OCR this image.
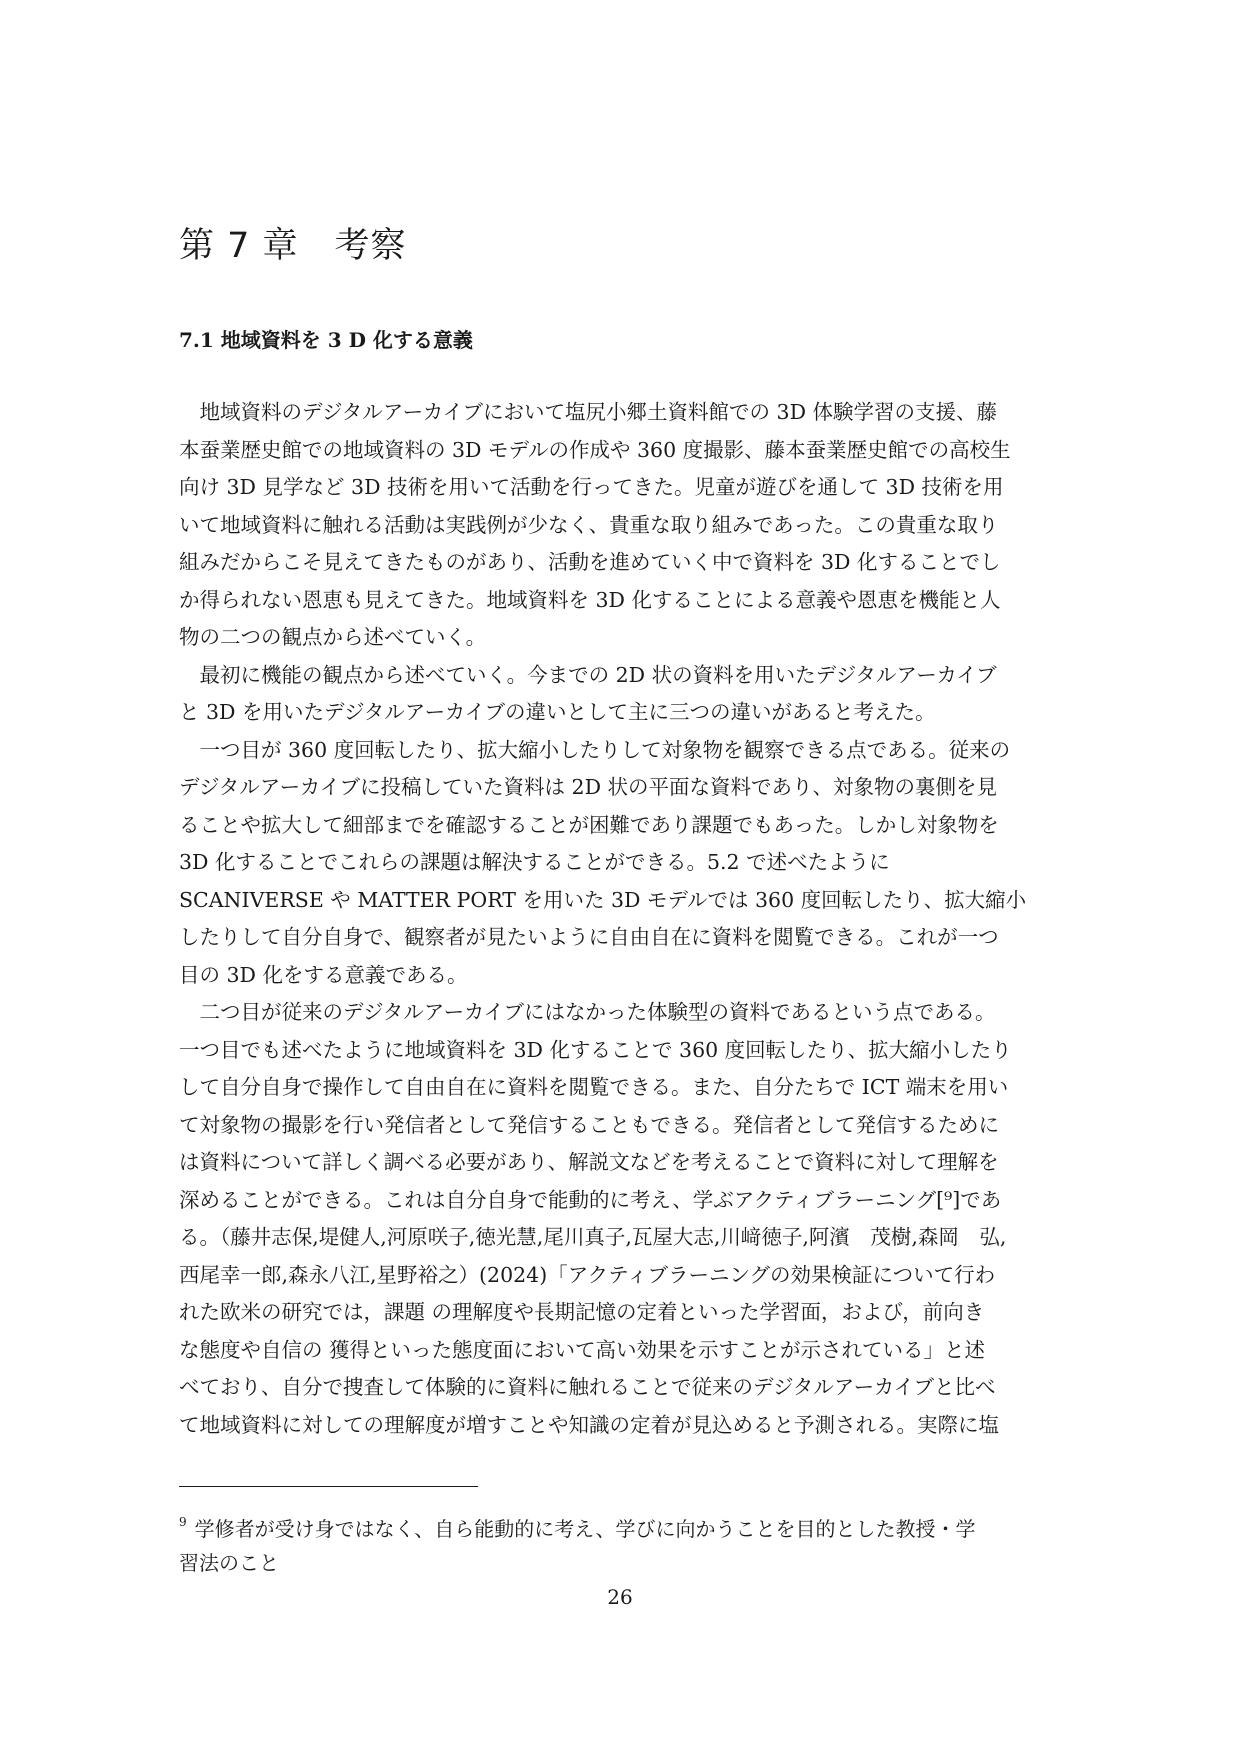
第 7 章　考察
7.1 地域資料を 3 D 化する意義
　地域資料のデジタルアーカイブにおいて塩尻小郷土資料館での 3D 体験学習の支援、藤
本蚕業歴史館での地域資料の 3D モデルの作成や 360 度撮影、藤本蚕業歴史館での高校生
向け 3D 見学など 3D 技術を用いて活動を行ってきた。児童が遊びを通して 3D 技術を用
いて地域資料に触れる活動は実践例が少なく、貴重な取り組みであった。この貴重な取り
組みだからこそ見えてきたものがあり、活動を進めていく中で資料を 3D 化することでし
か得られない恩恵も見えてきた。地域資料を 3D 化することによる意義や恩恵を機能と人
物の二つの観点から述べていく。
　最初に機能の観点から述べていく。今までの 2D 状の資料を用いたデジタルアーカイブ
と 3D を用いたデジタルアーカイブの違いとして主に三つの違いがあると考えた。
　一つ目が 360 度回転したり、拡大縮小したりして対象物を観察できる点である。従来の
デジタルアーカイブに投稿していた資料は 2D 状の平面な資料であり、対象物の裏側を見
ることや拡大して細部までを確認することが困難であり課題でもあった。しかし対象物を
3D 化することでこれらの課題は解決することができる。5.2 で述べたように
SCANIVERSE や MATTER PORT を用いた 3D モデルでは 360 度回転したり、拡大縮小
したりして自分自身で、観察者が見たいように自由自在に資料を閲覧できる。これが一つ
目の 3D 化をする意義である。
　二つ目が従来のデジタルアーカイブにはなかった体験型の資料であるという点である。
一つ目でも述べたように地域資料を 3D 化することで 360 度回転したり、拡大縮小したり
して自分自身で操作して自由自在に資料を閲覧できる。また、自分たちで ICT 端末を用い
て対象物の撮影を行い発信者として発信することもできる。発信者として発信するために
は資料について詳しく調べる必要があり、解説文などを考えることで資料に対して理解を
深めることができる。これは自分自身で能動的に考え、学ぶアクティブラーニング[⁹]であ
る。（藤井志保,堤健人,河原咲子,徳光慧,尾川真子,瓦屋大志,川﨑徳子,阿濱　茂樹,森岡　弘,
西尾幸一郎,森永八江,星野裕之）(2024)「アクティブラーニングの効果検証について行わ
れた欧米の研究では，課題 の理解度や長期記憶の定着といった学習面，および，前向き
な態度や自信の 獲得といった態度面において高い効果を示すことが示されている」と述
べており、自分で捜査して体験的に資料に触れることで従来のデジタルアーカイブと比べ
て地域資料に対しての理解度が増すことや知識の定着が見込めると予測される。実際に塩
$^9$ 学修者が受け身ではなく、自ら能動的に考え、学びに向かうことを目的とした教授・学
習法のこと
26
